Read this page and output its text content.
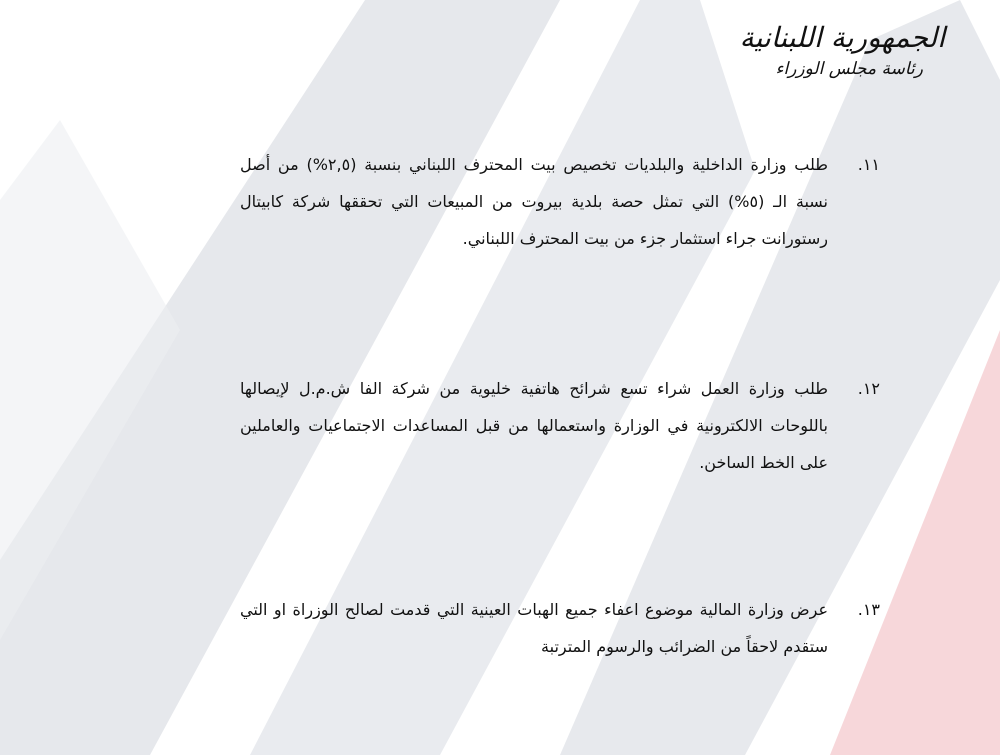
الجمهورية اللبنانية
رئاسة مجلس الوزراء
١١.
طلب وزارة الداخلية والبلديات تخصيص بيت المحترف اللبناني بنسبة (٢,٥%) من أصل نسبة الـ (٥%) التي تمثل حصة بلدية بيروت من المبيعات التي تحققها شركة كابيتال رستورانت جراء استثمار جزء من بيت المحترف اللبناني.
١٢.
طلب وزارة العمل شراء تسع شرائح هاتفية خليوية من شركة الفا ش.م.ل لإيصالها باللوحات الالكترونية في الوزارة واستعمالها من قبل المساعدات الاجتماعيات والعاملين على الخط الساخن.
١٣.
عرض وزارة المالية موضوع اعفاء جميع الهبات العينية التي قدمت لصالح الوزراة او التي ستقدم لاحقاً من الضرائب والرسوم المترتبة
